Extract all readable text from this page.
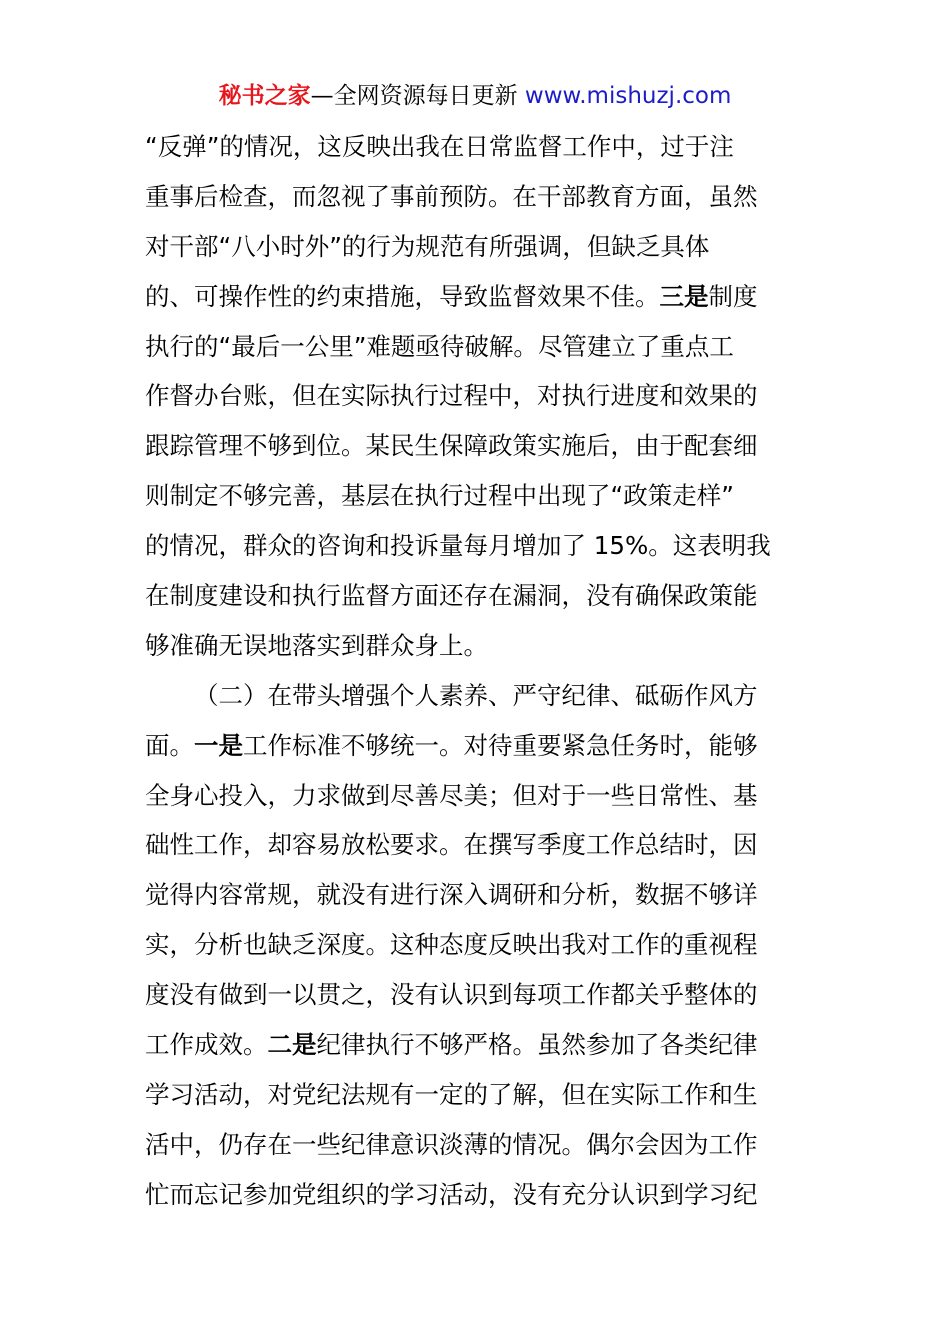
秘书之家—全网资源每日更新 www.mishuzj.com
“反弹”的情况，这反映出我在日常监督工作中，过于注
重事后检查，而忽视了事前预防。在干部教育方面，虽然
对干部“八小时外”的行为规范有所强调，但缺乏具体
的、可操作性的约束措施，导致监督效果不佳。三是制度
执行的“最后一公里”难题亟待破解。尽管建立了重点工
作督办台账，但在实际执行过程中，对执行进度和效果的
跟踪管理不够到位。某民生保障政策实施后，由于配套细
则制定不够完善，基层在执行过程中出现了“政策走样”
的情况，群众的咨询和投诉量每月增加了 15%。这表明我
在制度建设和执行监督方面还存在漏洞，没有确保政策能
够准确无误地落实到群众身上。
（二）在带头增强个人素养、严守纪律、砥砺作风方
面。一是工作标准不够统一。对待重要紧急任务时，能够
全身心投入，力求做到尽善尽美；但对于一些日常性、基
础性工作，却容易放松要求。在撰写季度工作总结时，因
觉得内容常规，就没有进行深入调研和分析，数据不够详
实，分析也缺乏深度。这种态度反映出我对工作的重视程
度没有做到一以贯之，没有认识到每项工作都关乎整体的
工作成效。二是纪律执行不够严格。虽然参加了各类纪律
学习活动，对党纪法规有一定的了解，但在实际工作和生
活中，仍存在一些纪律意识淡薄的情况。偶尔会因为工作
忙而忘记参加党组织的学习活动，没有充分认识到学习纪
